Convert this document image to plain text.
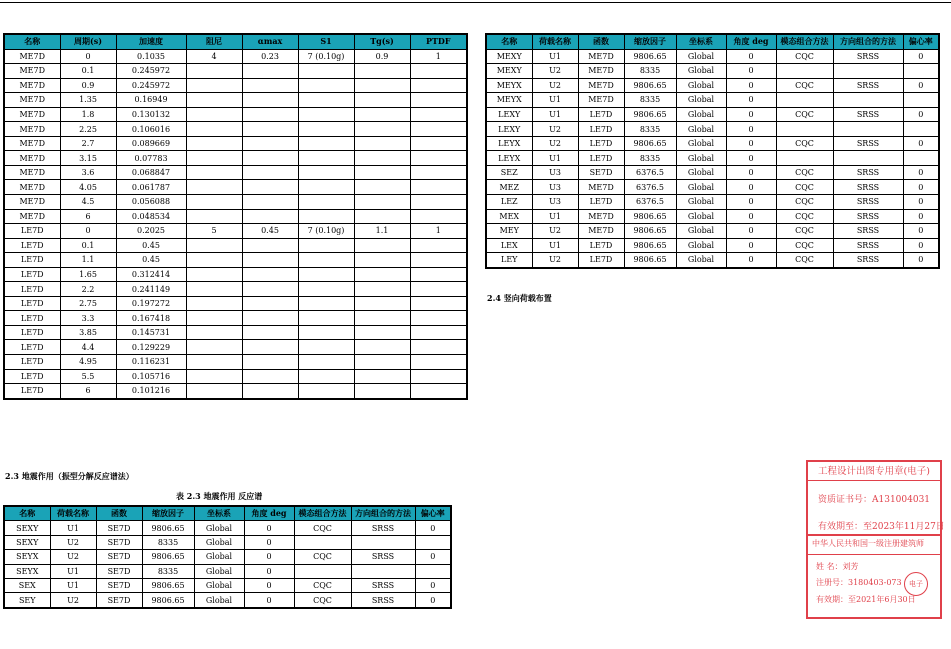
名称	周期(s)	加速度	阻尼	αmax	S1	Tg(s)	PTDF
ME7D	0	0.1035	4	0.23	7 (0.10g)	0.9	1
ME7D	0.1	0.245972					
ME7D	0.9	0.245972					
ME7D	1.35	0.16949					
ME7D	1.8	0.130132					
ME7D	2.25	0.106016					
ME7D	2.7	0.089669					
ME7D	3.15	0.07783					
ME7D	3.6	0.068847					
ME7D	4.05	0.061787					
ME7D	4.5	0.056088					
ME7D	6	0.048534					
LE7D	0	0.2025	5	0.45	7 (0.10g)	1.1	1
LE7D	0.1	0.45					
LE7D	1.1	0.45					
LE7D	1.65	0.312414					
LE7D	2.2	0.241149					
LE7D	2.75	0.197272					
LE7D	3.3	0.167418					
LE7D	3.85	0.145731					
LE7D	4.4	0.129229					
LE7D	4.95	0.116231					
LE7D	5.5	0.105716					
LE7D	6	0.101216					
名称	荷载名称	函数	缩放因子	坐标系	角度 deg	模态组合方法	方向组合的方法	偏心率
MEXY	U1	ME7D	9806.65	Global	0	CQC	SRSS	0
MEXY	U2	ME7D	8335	Global	0			
MEYX	U2	ME7D	9806.65	Global	0	CQC	SRSS	0
MEYX	U1	ME7D	8335	Global	0			
LEXY	U1	LE7D	9806.65	Global	0	CQC	SRSS	0
LEXY	U2	LE7D	8335	Global	0			
LEYX	U2	LE7D	9806.65	Global	0	CQC	SRSS	0
LEYX	U1	LE7D	8335	Global	0			
SEZ	U3	SE7D	6376.5	Global	0	CQC	SRSS	0
MEZ	U3	ME7D	6376.5	Global	0	CQC	SRSS	0
LEZ	U3	LE7D	6376.5	Global	0	CQC	SRSS	0
MEX	U1	ME7D	9806.65	Global	0	CQC	SRSS	0
MEY	U2	ME7D	9806.65	Global	0	CQC	SRSS	0
LEX	U1	LE7D	9806.65	Global	0	CQC	SRSS	0
LEY	U2	LE7D	9806.65	Global	0	CQC	SRSS	0
2.4 竖向荷载布置
2.3 地震作用（振型分解反应谱法）
表 2.3 地震作用 反应谱
名称	荷载名称	函数	缩放因子	坐标系	角度 deg	模态组合方法	方向组合的方法	偏心率
SEXY	U1	SE7D	9806.65	Global	0	CQC	SRSS	0
SEXY	U2	SE7D	8335	Global	0			
SEYX	U2	SE7D	9806.65	Global	0	CQC	SRSS	0
SEYX	U1	SE7D	8335	Global	0			
SEX	U1	SE7D	9806.65	Global	0	CQC	SRSS	0
SEY	U2	SE7D	9806.65	Global	0	CQC	SRSS	0
工程设计出图专用章(电子)
资质证书号：A131004031
有效期至：至2023年11月27日
中华人民共和国一级注册建筑师
姓 名：刘芳
注册号：3180403-073
有效期：至2021年6月30日
电子
